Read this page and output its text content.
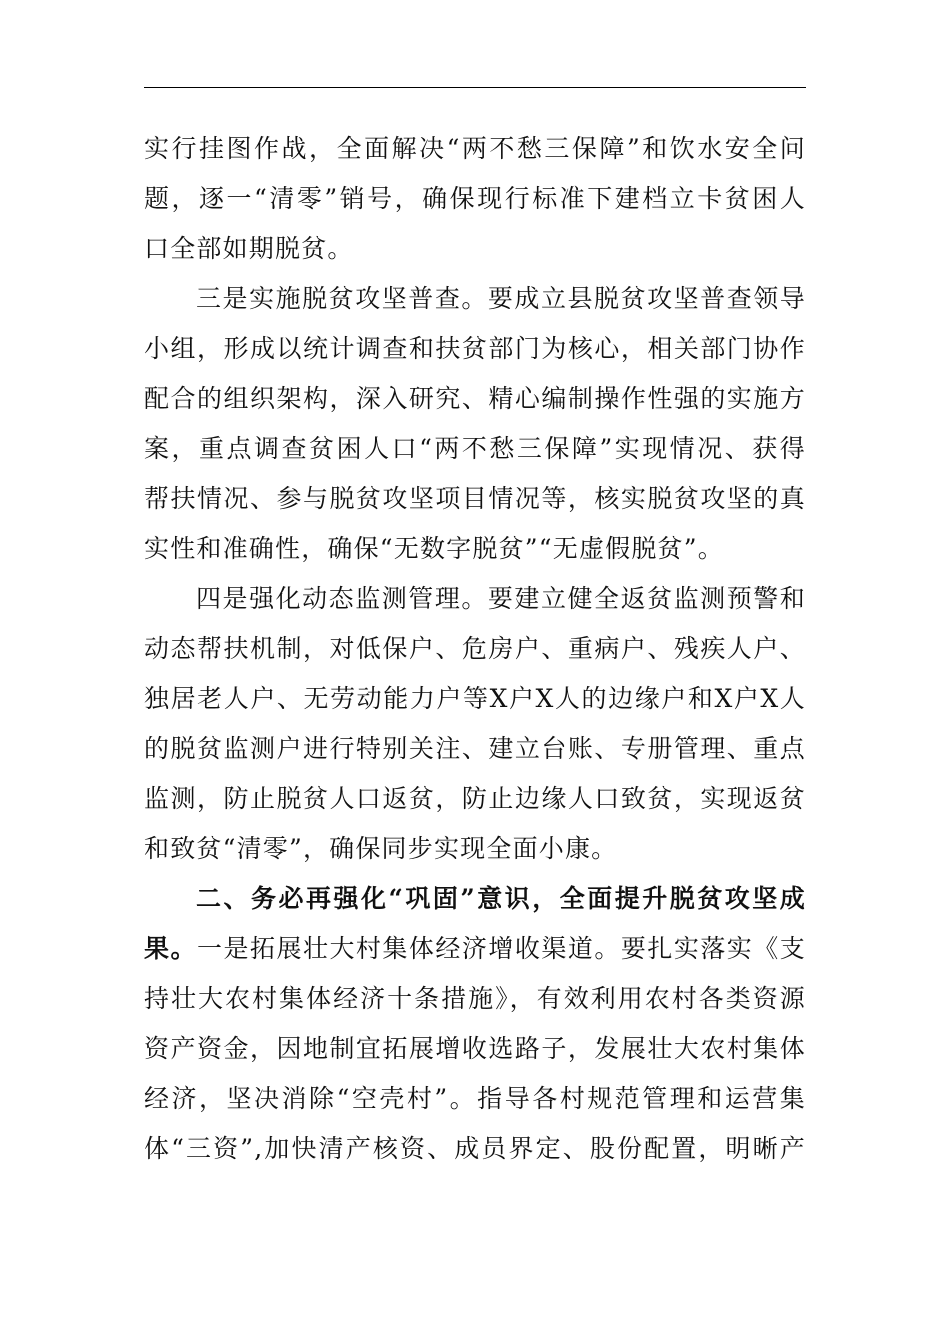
实行挂图作战，全面解决“两不愁三保障”和饮水安全问
题，逐一“清零”销号，确保现行标准下建档立卡贫困人
口全部如期脱贫。
三是实施脱贫攻坚普查。要成立县脱贫攻坚普查领导
小组，形成以统计调查和扶贫部门为核心，相关部门协作
配合的组织架构，深入研究、精心编制操作性强的实施方
案，重点调查贫困人口“两不愁三保障”实现情况、获得
帮扶情况、参与脱贫攻坚项目情况等，核实脱贫攻坚的真
实性和准确性，确保“无数字脱贫”“无虚假脱贫”。
四是强化动态监测管理。要建立健全返贫监测预警和
动态帮扶机制，对低保户、危房户、重病户、残疾人户、
独居老人户、无劳动能力户等X户X人的边缘户和X户X人
的脱贫监测户进行特别关注、建立台账、专册管理、重点
监测，防止脱贫人口返贫，防止边缘人口致贫，实现返贫
和致贫“清零”，确保同步实现全面小康。
二、务必再强化“巩固”意识，全面提升脱贫攻坚成
果。一是拓展壮大村集体经济增收渠道。要扎实落实《支
持壮大农村集体经济十条措施》，有效利用农村各类资源
资产资金，因地制宜拓展增收选路子，发展壮大农村集体
经济，坚决消除“空壳村”。指导各村规范管理和运营集
体“三资”,加快清产核资、成员界定、股份配置，明晰产
